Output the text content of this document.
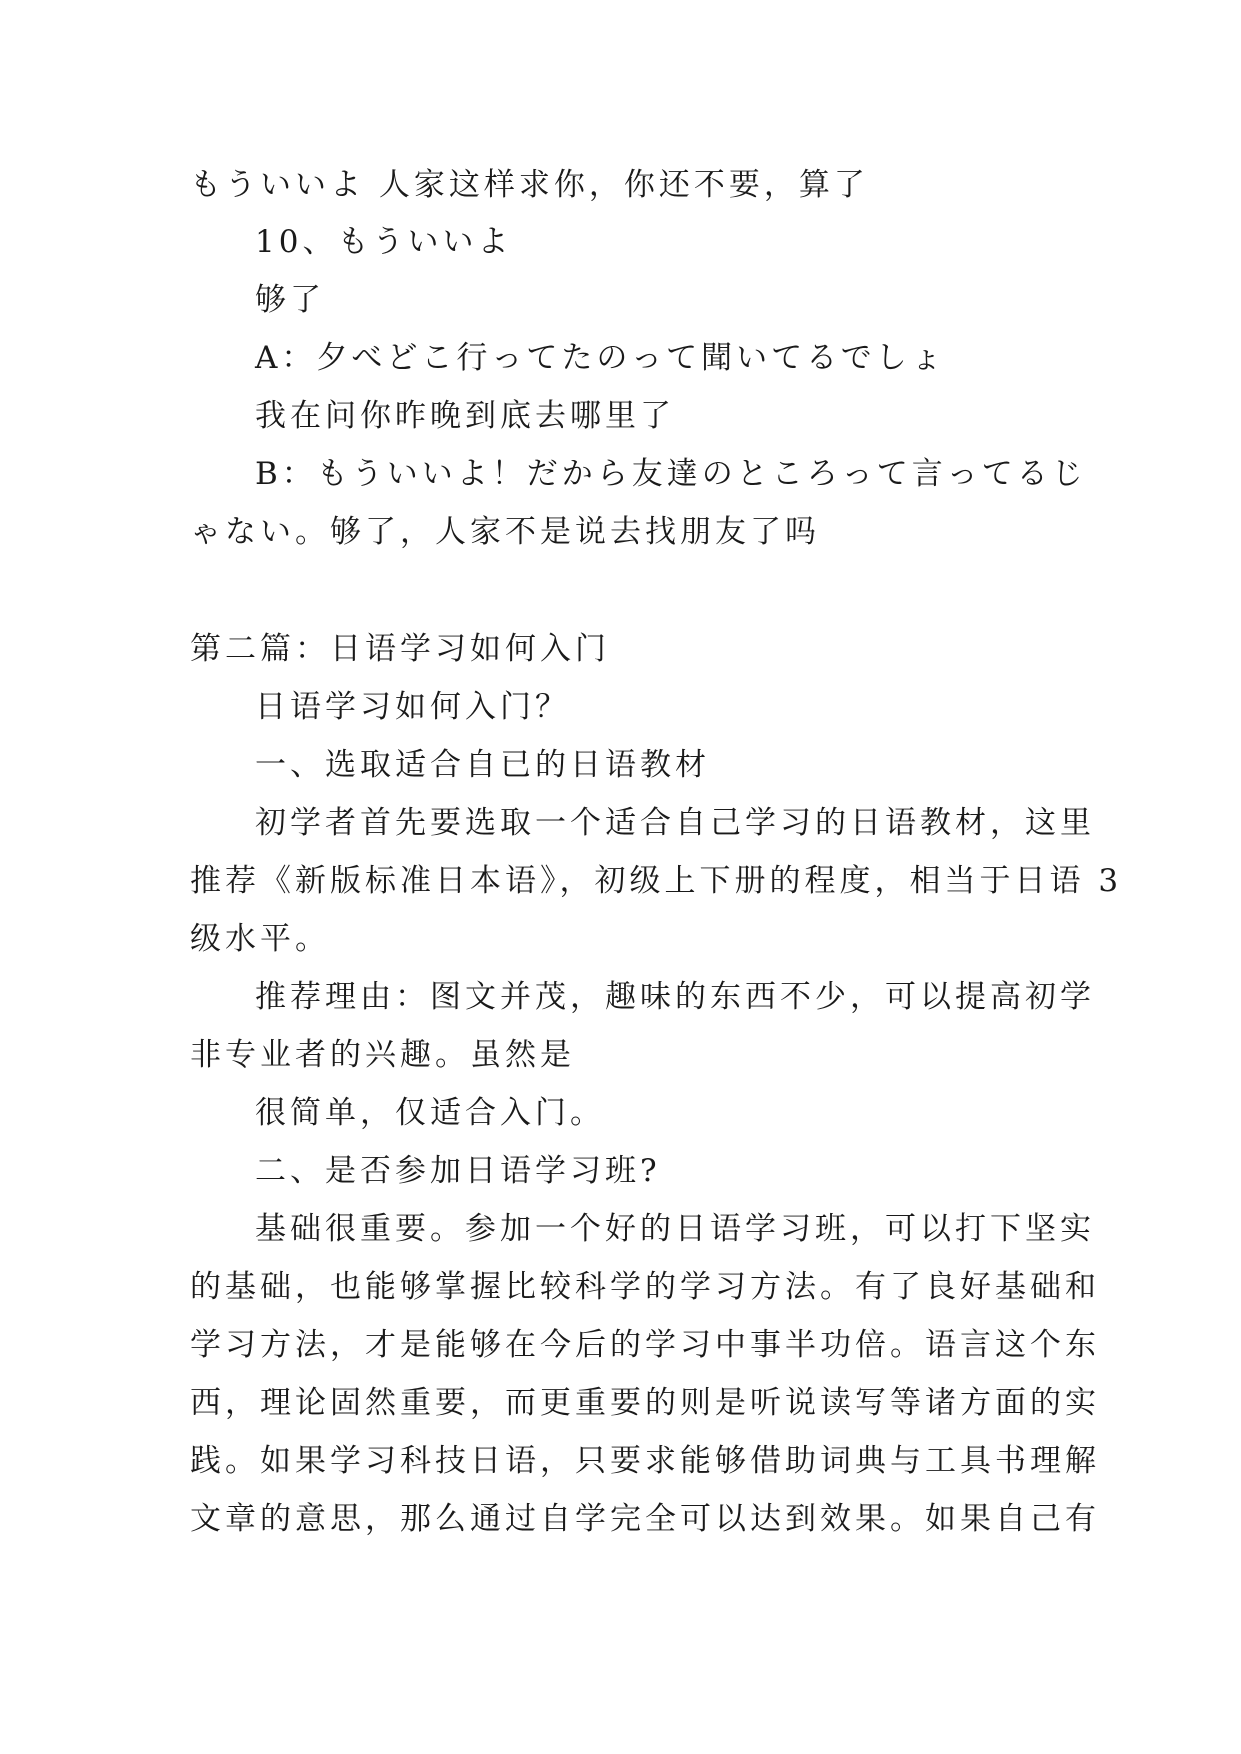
もういいよ 人家这样求你，你还不要，算了
10、もういいよ
够了
A：夕べどこ行ってたのって聞いてるでしょ
我在问你昨晚到底去哪里了
B：もういいよ！だから友達のところって言ってるじ
ゃない。够了，人家不是说去找朋友了吗
第二篇：日语学习如何入门
日语学习如何入门？
一、选取适合自已的日语教材
初学者首先要选取一个适合自己学习的日语教材，这里
推荐《新版标准日本语》，初级上下册的程度，相当于日语 3
级水平。
推荐理由：图文并茂，趣味的东西不少，可以提高初学
非专业者的兴趣。虽然是
很简单，仅适合入门。
二、是否参加日语学习班?
基础很重要。参加一个好的日语学习班，可以打下坚实
的基础，也能够掌握比较科学的学习方法。有了良好基础和
学习方法，才是能够在今后的学习中事半功倍。语言这个东
西，理论固然重要，而更重要的则是听说读写等诸方面的实
践。如果学习科技日语，只要求能够借助词典与工具书理解
文章的意思，那么通过自学完全可以达到效果。如果自己有
